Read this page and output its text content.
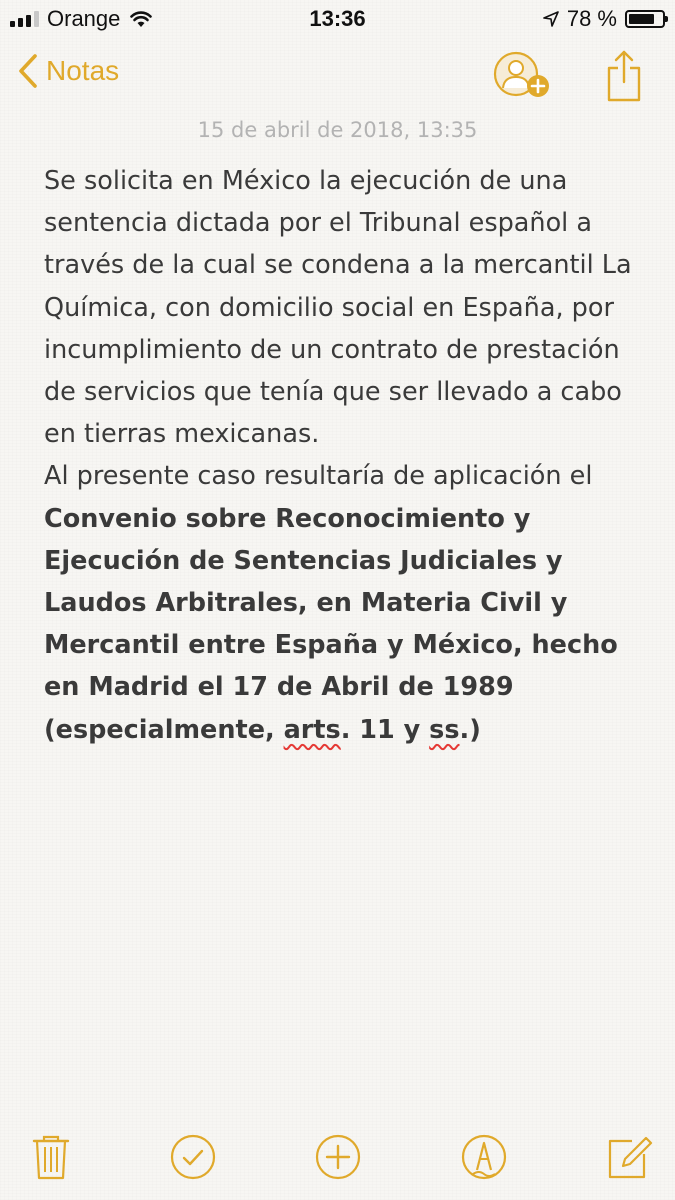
Orange	13:36	78 %
Notas
15 de abril de 2018, 13:35

Se solicita en México la ejecución de una sentencia dictada por el Tribunal español a través de la cual se condena a la mercantil La Química, con domicilio social en España, por incumplimiento de un contrato de prestación de servicios que tenía que ser llevado a cabo en tierras mexicanas.

Al presente caso resultaría de aplicación el Convenio sobre Reconocimiento y Ejecución de Sentencias Judiciales y Laudos Arbitrales, en Materia Civil y Mercantil entre España y México, hecho en Madrid el 17 de Abril de 1989 (especialmente, arts. 11 y ss.)
